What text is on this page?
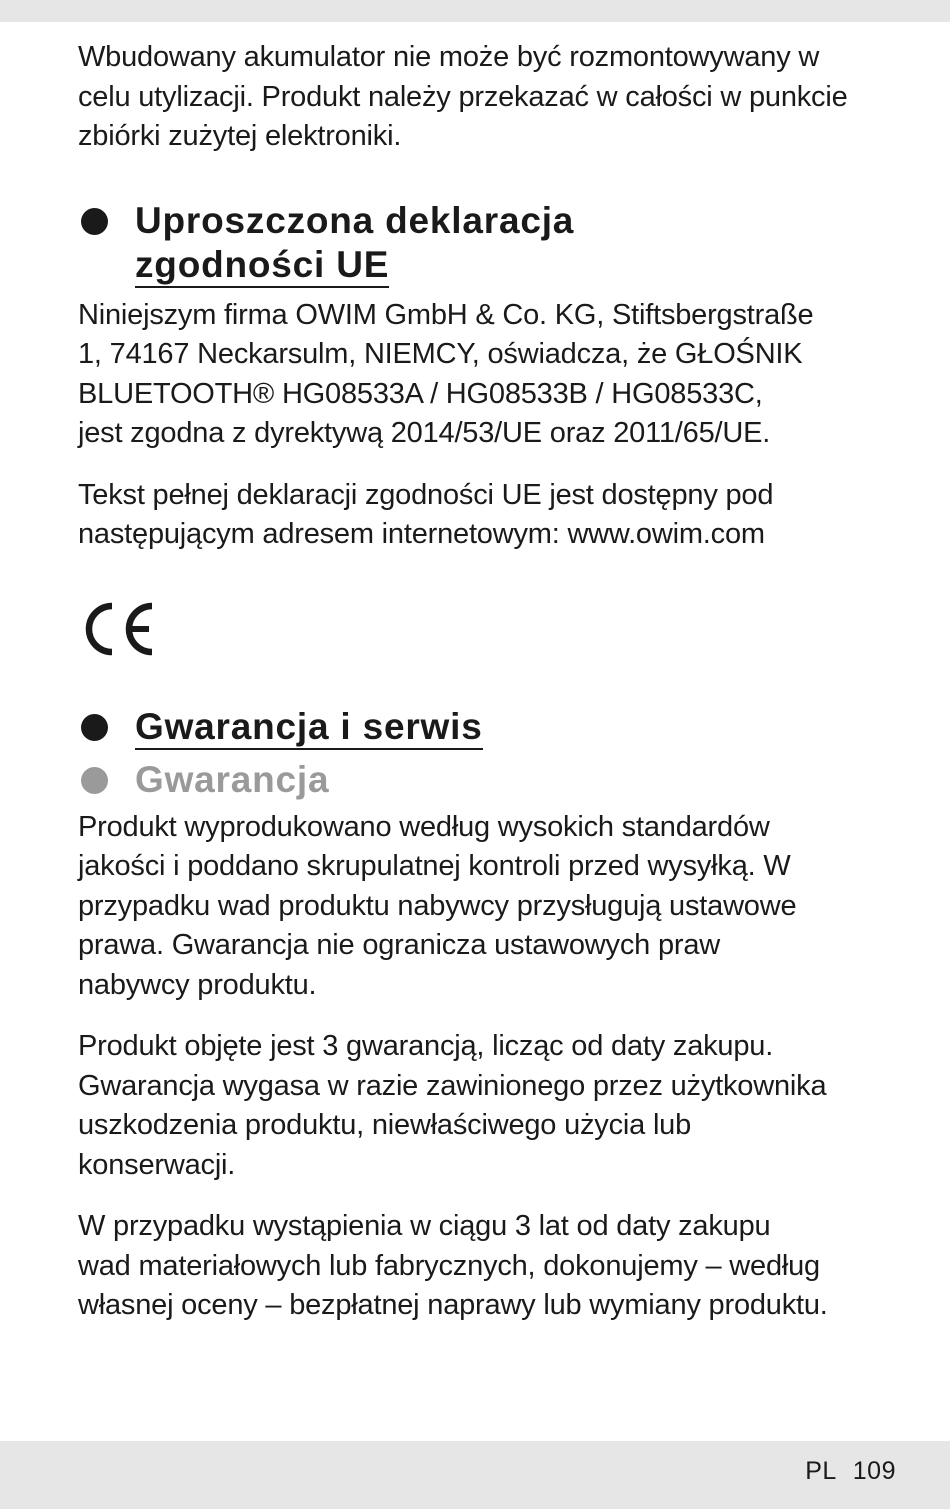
Wbudowany akumulator nie może być rozmontowywany w
celu utylizacji. Produkt należy przekazać w całości w punkcie
zbiórki zużytej elektroniki.

Uproszczona deklaracja
zgodności UE

Niniejszym firma OWIM GmbH & Co. KG, Stiftsbergstraße
1, 74167 Neckarsulm, NIEMCY, oświadcza, że GŁOŚNIK
BLUETOOTH® HG08533A / HG08533B / HG08533C,
jest zgodna z dyrektywą 2014/53/UE oraz 2011/65/UE.

Tekst pełnej deklaracji zgodności UE jest dostępny pod
następującym adresem internetowym: www.owim.com

Gwarancja i serwis
Gwarancja

Produkt wyprodukowano według wysokich standardów
jakości i poddano skrupulatnej kontroli przed wysyłką. W
przypadku wad produktu nabywcy przysługują ustawowe
prawa. Gwarancja nie ogranicza ustawowych praw
nabywcy produktu.

Produkt objęte jest 3 gwarancją, licząc od daty zakupu.
Gwarancja wygasa w razie zawinionego przez użytkownika
uszkodzenia produktu, niewłaściwego użycia lub
konserwacji.

W przypadku wystąpienia w ciągu 3 lat od daty zakupu
wad materiałowych lub fabrycznych, dokonujemy – według
własnej oceny – bezpłatnej naprawy lub wymiany produktu.

PL 109
